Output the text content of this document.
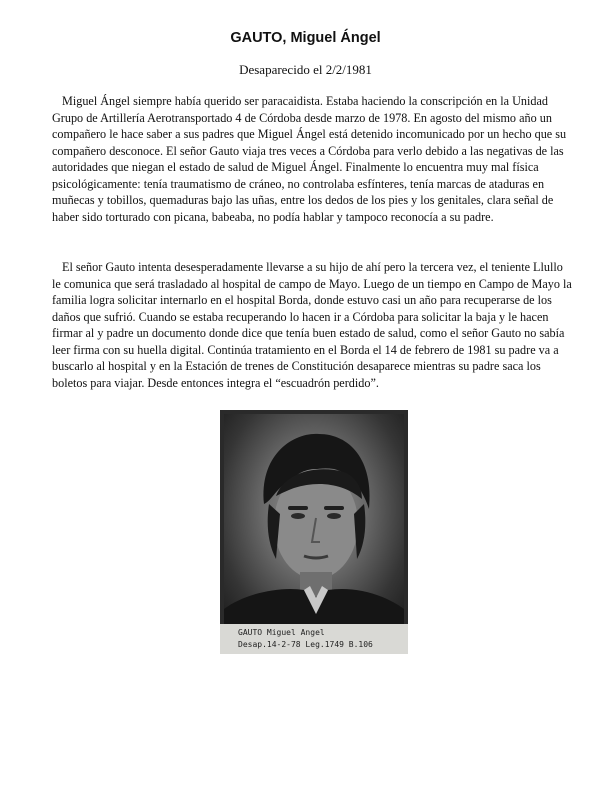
GAUTO, Miguel Ángel
Desaparecido el 2/2/1981

Miguel Ángel siempre había querido ser paracaidista. Estaba haciendo la conscripción en la Unidad Grupo de Artillería Aerotransportado 4 de Córdoba desde marzo de 1978. En agosto del mismo año un compañero le hace saber a sus padres que Miguel Ángel está detenido incomunicado por un hecho que su compañero desconoce. El señor Gauto viaja tres veces a Córdoba para verlo debido a las negativas de las autoridades que niegan el estado de salud de Miguel Ángel. Finalmente lo encuentra muy mal física psicológicamente: tenía traumatismo de cráneo, no controlaba esfínteres, tenía marcas de ataduras en muñecas y tobillos, quemaduras bajo las uñas, entre los dedos de los pies y los genitales, clara señal de haber sido torturado con picana, babeaba, no podía hablar y tampoco reconocía a su padre.

El señor Gauto intenta desesperadamente llevarse a su hijo de ahí pero la tercera vez, el teniente Llullo le comunica que será trasladado al hospital de campo de Mayo. Luego de un tiempo en Campo de Mayo la familia logra solicitar internarlo en el hospital Borda, donde estuvo casi un año para recuperarse de los daños que sufrió. Cuando se estaba recuperando lo hacen ir a Córdoba para solicitar la baja y le hacen firmar al y padre un documento donde dice que tenía buen estado de salud, como el señor Gauto no sabía leer firma con su huella digital. Continúa tratamiento en el Borda el 14 de febrero de 1981 su padre va a buscarlo al hospital y en la Estación de trenes de Constitución desaparece mientras su padre saca los boletos para viajar. Desde entonces integra el “escuadrón perdido”.

GAUTO Miguel Angel
Desap.14-2-78 Leg.1749 B.106
